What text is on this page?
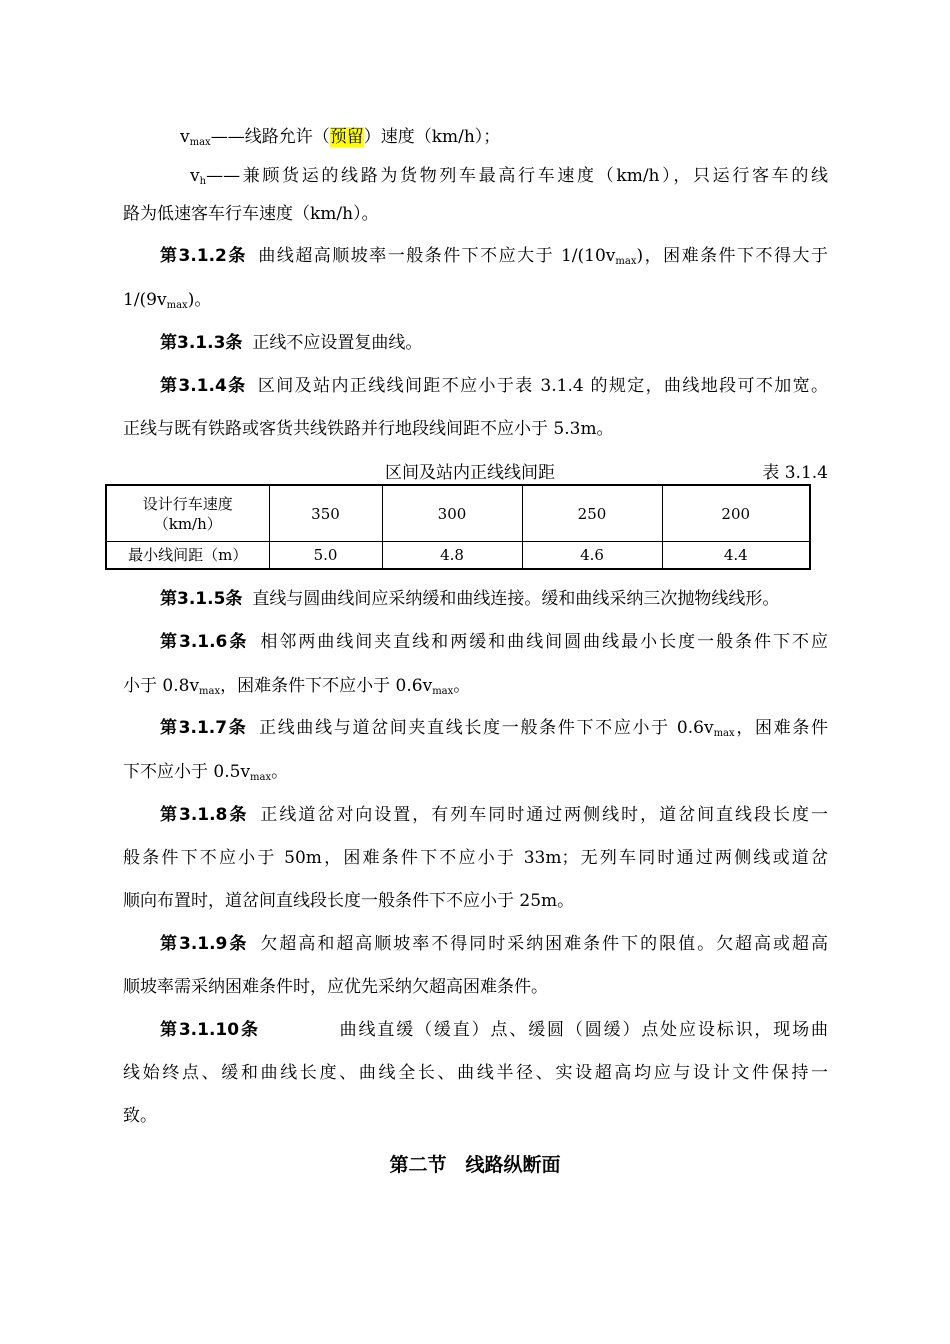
$v_{max}——$线路允许（预留）速度（km/h）；
$v_h——$兼顾货运的线路为货物列车最高行车速度（km/h），只运行客车的线
路为低速客车行车速度（km/h）。
第3.1.2条 曲线超高顺坡率一般条件下不应大于 $1/(10v_{max})$，困难条件下不得大于
$1/(9v_{max})$。
第3.1.3条 正线不应设置复曲线。
第3.1.4条 区间及站内正线线间距不应小于表 3.1.4 的规定，曲线地段可不加宽。
正线与既有铁路或客货共线铁路并行地段线间距不应小于 5.3m。
区间及站内正线线间距	表 3.1.4
设计行车速度
（km/h）	350	300	250	200
最小线间距（m）	5.0	4.8	4.6	4.4
第3.1.5条 直线与圆曲线间应采纳缓和曲线连接。缓和曲线采纳三次抛物线线形。
第3.1.6条 相邻两曲线间夹直线和两缓和曲线间圆曲线最小长度一般条件下不应
小于 $0.8v_{max}$，困难条件下不应小于 $0.6v_{max}$。
第3.1.7条 正线曲线与道岔间夹直线长度一般条件下不应小于 $0.6v_{max}$，困难条件
下不应小于 $0.5v_{max}$。
第3.1.8条 正线道岔对向设置，有列车同时通过两侧线时，道岔间直线段长度一
般条件下不应小于 50m，困难条件下不应小于 33m；无列车同时通过两侧线或道岔
顺向布置时，道岔间直线段长度一般条件下不应小于 25m。
第3.1.9条 欠超高和超高顺坡率不得同时采纳困难条件下的限值。欠超高或超高
顺坡率需采纳困难条件时，应优先采纳欠超高困难条件。
第3.1.10条	曲线直缓（缓直）点、缓圆（圆缓）点处应设标识，现场曲
线始终点、缓和曲线长度、曲线全长、曲线半径、实设超高均应与设计文件保持一
致。
第二节　线路纵断面
